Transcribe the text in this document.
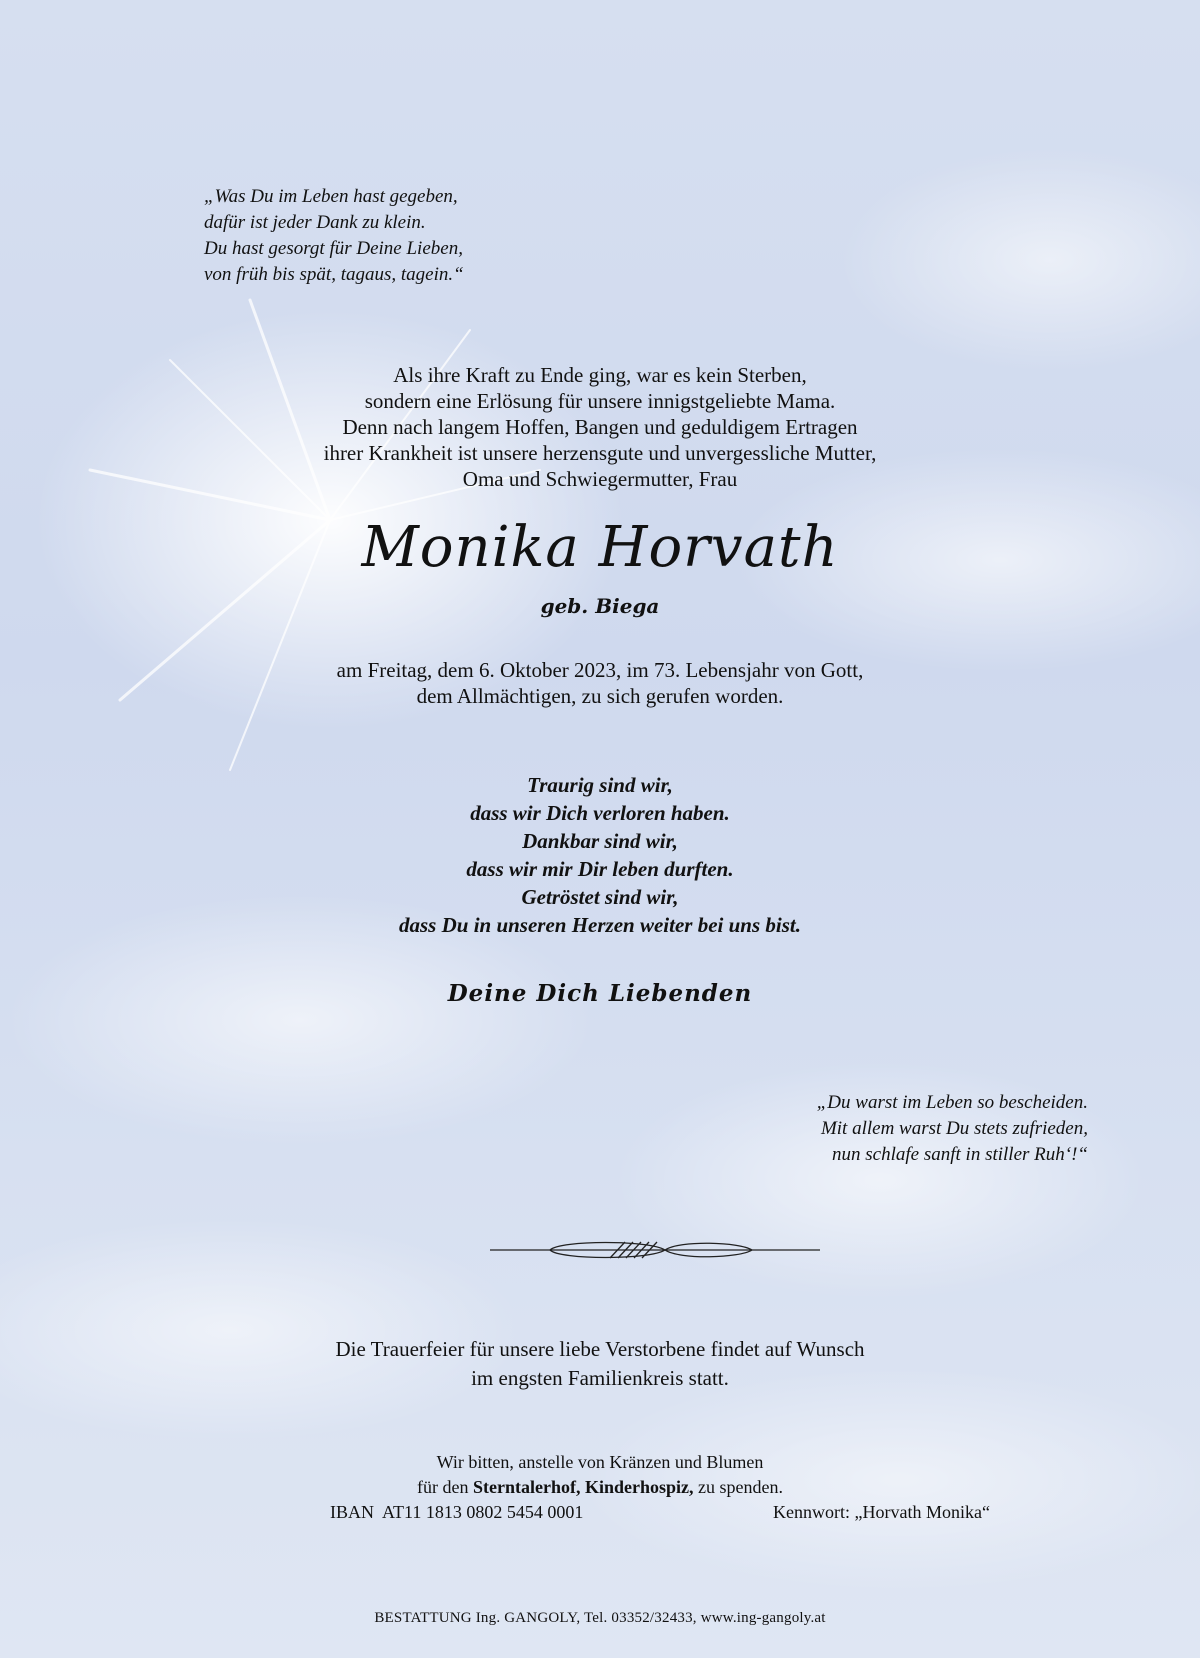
„Was Du im Leben hast gegeben,
dafür ist jeder Dank zu klein.
Du hast gesorgt für Deine Lieben,
von früh bis spät, tagaus, tagein.“
Als ihre Kraft zu Ende ging, war es kein Sterben,
sondern eine Erlösung für unsere innigstgeliebte Mama.
Denn nach langem Hoffen, Bangen und geduldigem Ertragen
ihrer Krankheit ist unsere herzensgute und unvergessliche Mutter,
Oma und Schwiegermutter, Frau
Monika Horvath
geb. Biega
am Freitag, dem 6. Oktober 2023, im 73. Lebensjahr von Gott,
dem Allmächtigen, zu sich gerufen worden.
Traurig sind wir,
dass wir Dich verloren haben.
Dankbar sind wir,
dass wir mir Dir leben durften.
Getröstet sind wir,
dass Du in unseren Herzen weiter bei uns bist.
Deine Dich Liebenden
„Du warst im Leben so bescheiden.
Mit allem warst Du stets zufrieden,
nun schlafe sanft in stiller Ruh‘!“
Die Trauerfeier für unsere liebe Verstorbene findet auf Wunsch
im engsten Familienkreis statt.
Wir bitten, anstelle von Kränzen und Blumen
für den Sterntalerhof, Kinderhospiz, zu spenden.
IBAN  AT11 1813 0802 5454 0001	Kennwort: „Horvath Monika“
BESTATTUNG Ing. GANGOLY, Tel. 03352/32433, www.ing-gangoly.at
